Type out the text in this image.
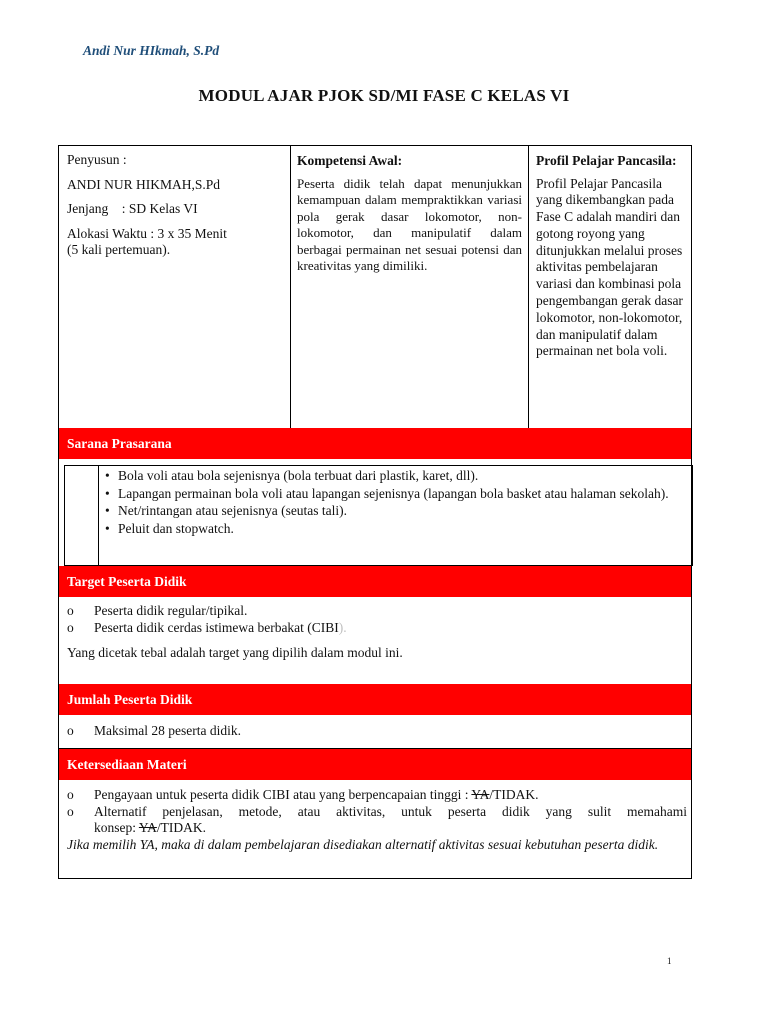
Andi Nur HIkmah, S.Pd
MODUL AJAR PJOK SD/MI FASE C KELAS VI

Penyusun :

ANDI NUR HIKMAH,S.Pd

Jenjang    : SD Kelas VI

Alokasi Waktu : 3 x 35 Menit
(5 kali pertemuan).
Kompetensi Awal:
Peserta didik telah dapat menunjukkan kemampuan dalam mempraktikkan variasi pola gerak dasar lokomotor, non- lokomotor, dan manipulatif dalam berbagai permainan net sesuai potensi dan kreativitas yang dimiliki.
Profil Pelajar Pancasila:
Profil Pelajar Pancasila yang dikembangkan pada Fase C adalah mandiri dan gotong royong yang ditunjukkan melalui proses aktivitas pembelajaran variasi dan kombinasi pola pengembangan gerak dasar lokomotor, non-lokomotor, dan manipulatif dalam permainan net bola voli.
Sarana Prasarana
• Bola voli atau bola sejenisnya (bola terbuat dari plastik, karet, dll).
• Lapangan permainan bola voli atau lapangan sejenisnya (lapangan bola basket atau halaman sekolah).
• Net/rintangan atau sejenisnya (seutas tali).
• Peluit dan stopwatch.
Target Peserta Didik
o Peserta didik regular/tipikal.
o Peserta didik cerdas istimewa berbakat (CIBI).
Yang dicetak tebal adalah target yang dipilih dalam modul ini.
Jumlah Peserta Didik
o Maksimal 28 peserta didik.
Ketersediaan Materi
o Pengayaan untuk peserta didik CIBI atau yang berpencapaian tinggi : YA/TIDAK.
o Alternatif penjelasan, metode, atau aktivitas, untuk peserta didik yang sulit memahami
konsep: YA/TIDAK.
Jika memilih YA, maka di dalam pembelajaran disediakan alternatif aktivitas sesuai kebutuhan peserta didik.
1
